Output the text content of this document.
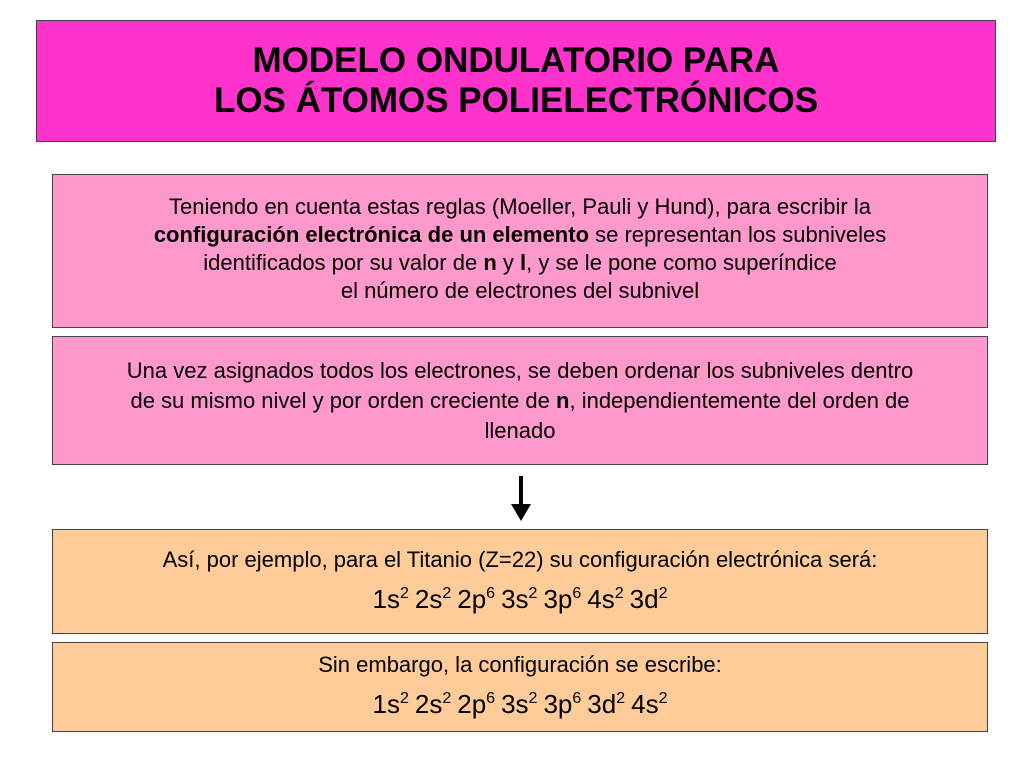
MODELO ONDULATORIO PARA
LOS ÁTOMOS POLIELECTRÓNICOS
Teniendo en cuenta estas reglas (Moeller, Pauli y Hund), para escribir la
configuración electrónica de un elemento se representan los subniveles
identificados por su valor de n y l, y se le pone como superíndice
el número de electrones del subnivel
Una vez asignados todos los electrones, se deben ordenar los subniveles dentro
de su mismo nivel y por orden creciente de n, independientemente del orden de
llenado
Así, por ejemplo, para el Titanio (Z=22) su configuración electrónica será:
$1s^2$ $2s^2$ $2p^6$ $3s^2$ $3p^6$ $4s^2$ $3d^2$
Sin embargo, la configuración se escribe:
$1s^2$ $2s^2$ $2p^6$ $3s^2$ $3p^6$ $3d^2$ $4s^2$
